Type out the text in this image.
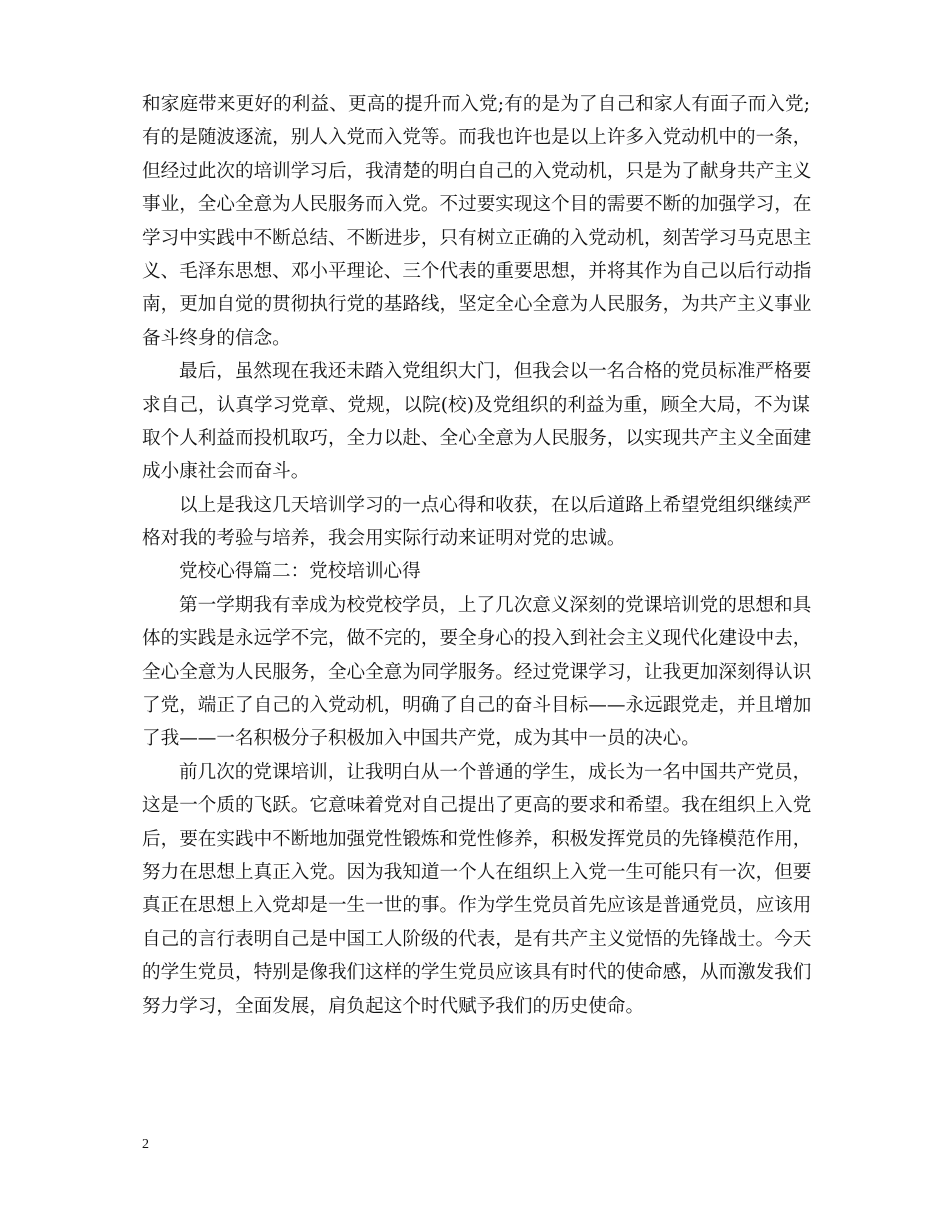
和家庭带来更好的利益、更高的提升而入党;有的是为了自己和家人有面子而入党;
有的是随波逐流，别人入党而入党等。而我也许也是以上许多入党动机中的一条，
但经过此次的培训学习后，我清楚的明白自己的入党动机，只是为了献身共产主义
事业，全心全意为人民服务而入党。不过要实现这个目的需要不断的加强学习，在
学习中实践中不断总结、不断进步，只有树立正确的入党动机，刻苦学习马克思主
义、毛泽东思想、邓小平理论、三个代表的重要思想，并将其作为自己以后行动指
南，更加自觉的贯彻执行党的基路线，坚定全心全意为人民服务，为共产主义事业
备斗终身的信念。
最后，虽然现在我还未踏入党组织大门，但我会以一名合格的党员标准严格要
求自己，认真学习党章、党规，以院(校)及党组织的利益为重，顾全大局，不为谋
取个人利益而投机取巧，全力以赴、全心全意为人民服务，以实现共产主义全面建
成小康社会而奋斗。
以上是我这几天培训学习的一点心得和收获，在以后道路上希望党组织继续严
格对我的考验与培养，我会用实际行动来证明对党的忠诚。
党校心得篇二：党校培训心得
第一学期我有幸成为校党校学员，上了几次意义深刻的党课培训党的思想和具
体的实践是永远学不完，做不完的，要全身心的投入到社会主义现代化建设中去，
全心全意为人民服务，全心全意为同学服务。经过党课学习，让我更加深刻得认识
了党，端正了自己的入党动机，明确了自己的奋斗目标——永远跟党走，并且增加
了我——一名积极分子积极加入中国共产党，成为其中一员的决心。
前几次的党课培训，让我明白从一个普通的学生，成长为一名中国共产党员，
这是一个质的飞跃。它意味着党对自己提出了更高的要求和希望。我在组织上入党
后，要在实践中不断地加强党性锻炼和党性修养，积极发挥党员的先锋模范作用，
努力在思想上真正入党。因为我知道一个人在组织上入党一生可能只有一次，但要
真正在思想上入党却是一生一世的事。作为学生党员首先应该是普通党员，应该用
自己的言行表明自己是中国工人阶级的代表，是有共产主义觉悟的先锋战士。今天
的学生党员，特别是像我们这样的学生党员应该具有时代的使命感，从而激发我们
努力学习，全面发展，肩负起这个时代赋予我们的历史使命。
2
